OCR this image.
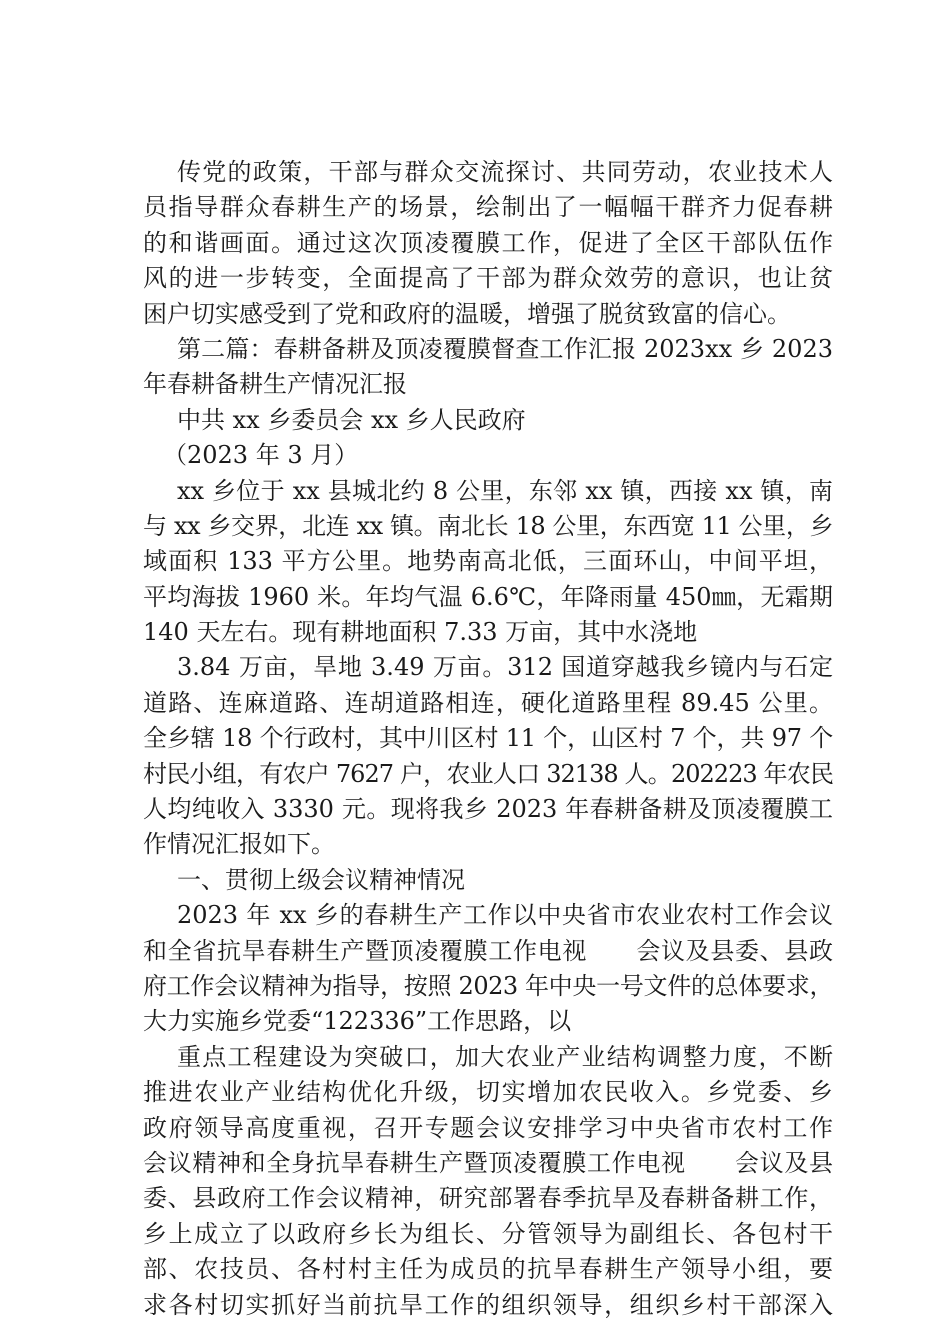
传党的政策，干部与群众交流探讨、共同劳动，农业技术人
员指导群众春耕生产的场景，绘制出了一幅幅干群齐力促春耕
的和谐画面。通过这次顶凌覆膜工作，促进了全区干部队伍作
风的进一步转变，全面提高了干部为群众效劳的意识，也让贫
困户切实感受到了党和政府的温暖，增强了脱贫致富的信心。
第二篇：春耕备耕及顶凌覆膜督查工作汇报 2023xx 乡 2023
年春耕备耕生产情况汇报
中共 xx 乡委员会 xx 乡人民政府
（2023 年 3 月）
xx 乡位于 xx 县城北约 8 公里，东邻 xx 镇，西接 xx 镇，南
与 xx 乡交界，北连 xx 镇。南北长 18 公里，东西宽 11 公里，乡
域面积 133 平方公里。地势南高北低，三面环山，中间平坦，
平均海拔 1960 米。年均气温 6.6℃，年降雨量 450㎜，无霜期
140 天左右。现有耕地面积 7.33 万亩，其中水浇地
3.84 万亩，旱地 3.49 万亩。312 国道穿越我乡镜内与石定
道路、连麻道路、连胡道路相连，硬化道路里程 89.45 公里。
全乡辖 18 个行政村，其中川区村 11 个，山区村 7 个，共 97 个
村民小组，有农户 7627 户，农业人口 32138 人。202223 年农民
人均纯收入 3330 元。现将我乡 2023 年春耕备耕及顶凌覆膜工
作情况汇报如下。
一、贯彻上级会议精神情况
2023 年 xx 乡的春耕生产工作以中央省市农业农村工作会议
和全省抗旱春耕生产暨顶凌覆膜工作电视　　会议及县委、县政
府工作会议精神为指导，按照 2023 年中央一号文件的总体要求，
大力实施乡党委“122336”工作思路，以
重点工程建设为突破口，加大农业产业结构调整力度，不断
推进农业产业结构优化升级，切实增加农民收入。乡党委、乡
政府领导高度重视，召开专题会议安排学习中央省市农村工作
会议精神和全身抗旱春耕生产暨顶凌覆膜工作电视　　会议及县
委、县政府工作会议精神，研究部署春季抗旱及春耕备耕工作，
乡上成立了以政府乡长为组长、分管领导为副组长、各包村干
部、农技员、各村村主任为成员的抗旱春耕生产领导小组，要
求各村切实抓好当前抗旱工作的组织领导，组织乡村干部深入
